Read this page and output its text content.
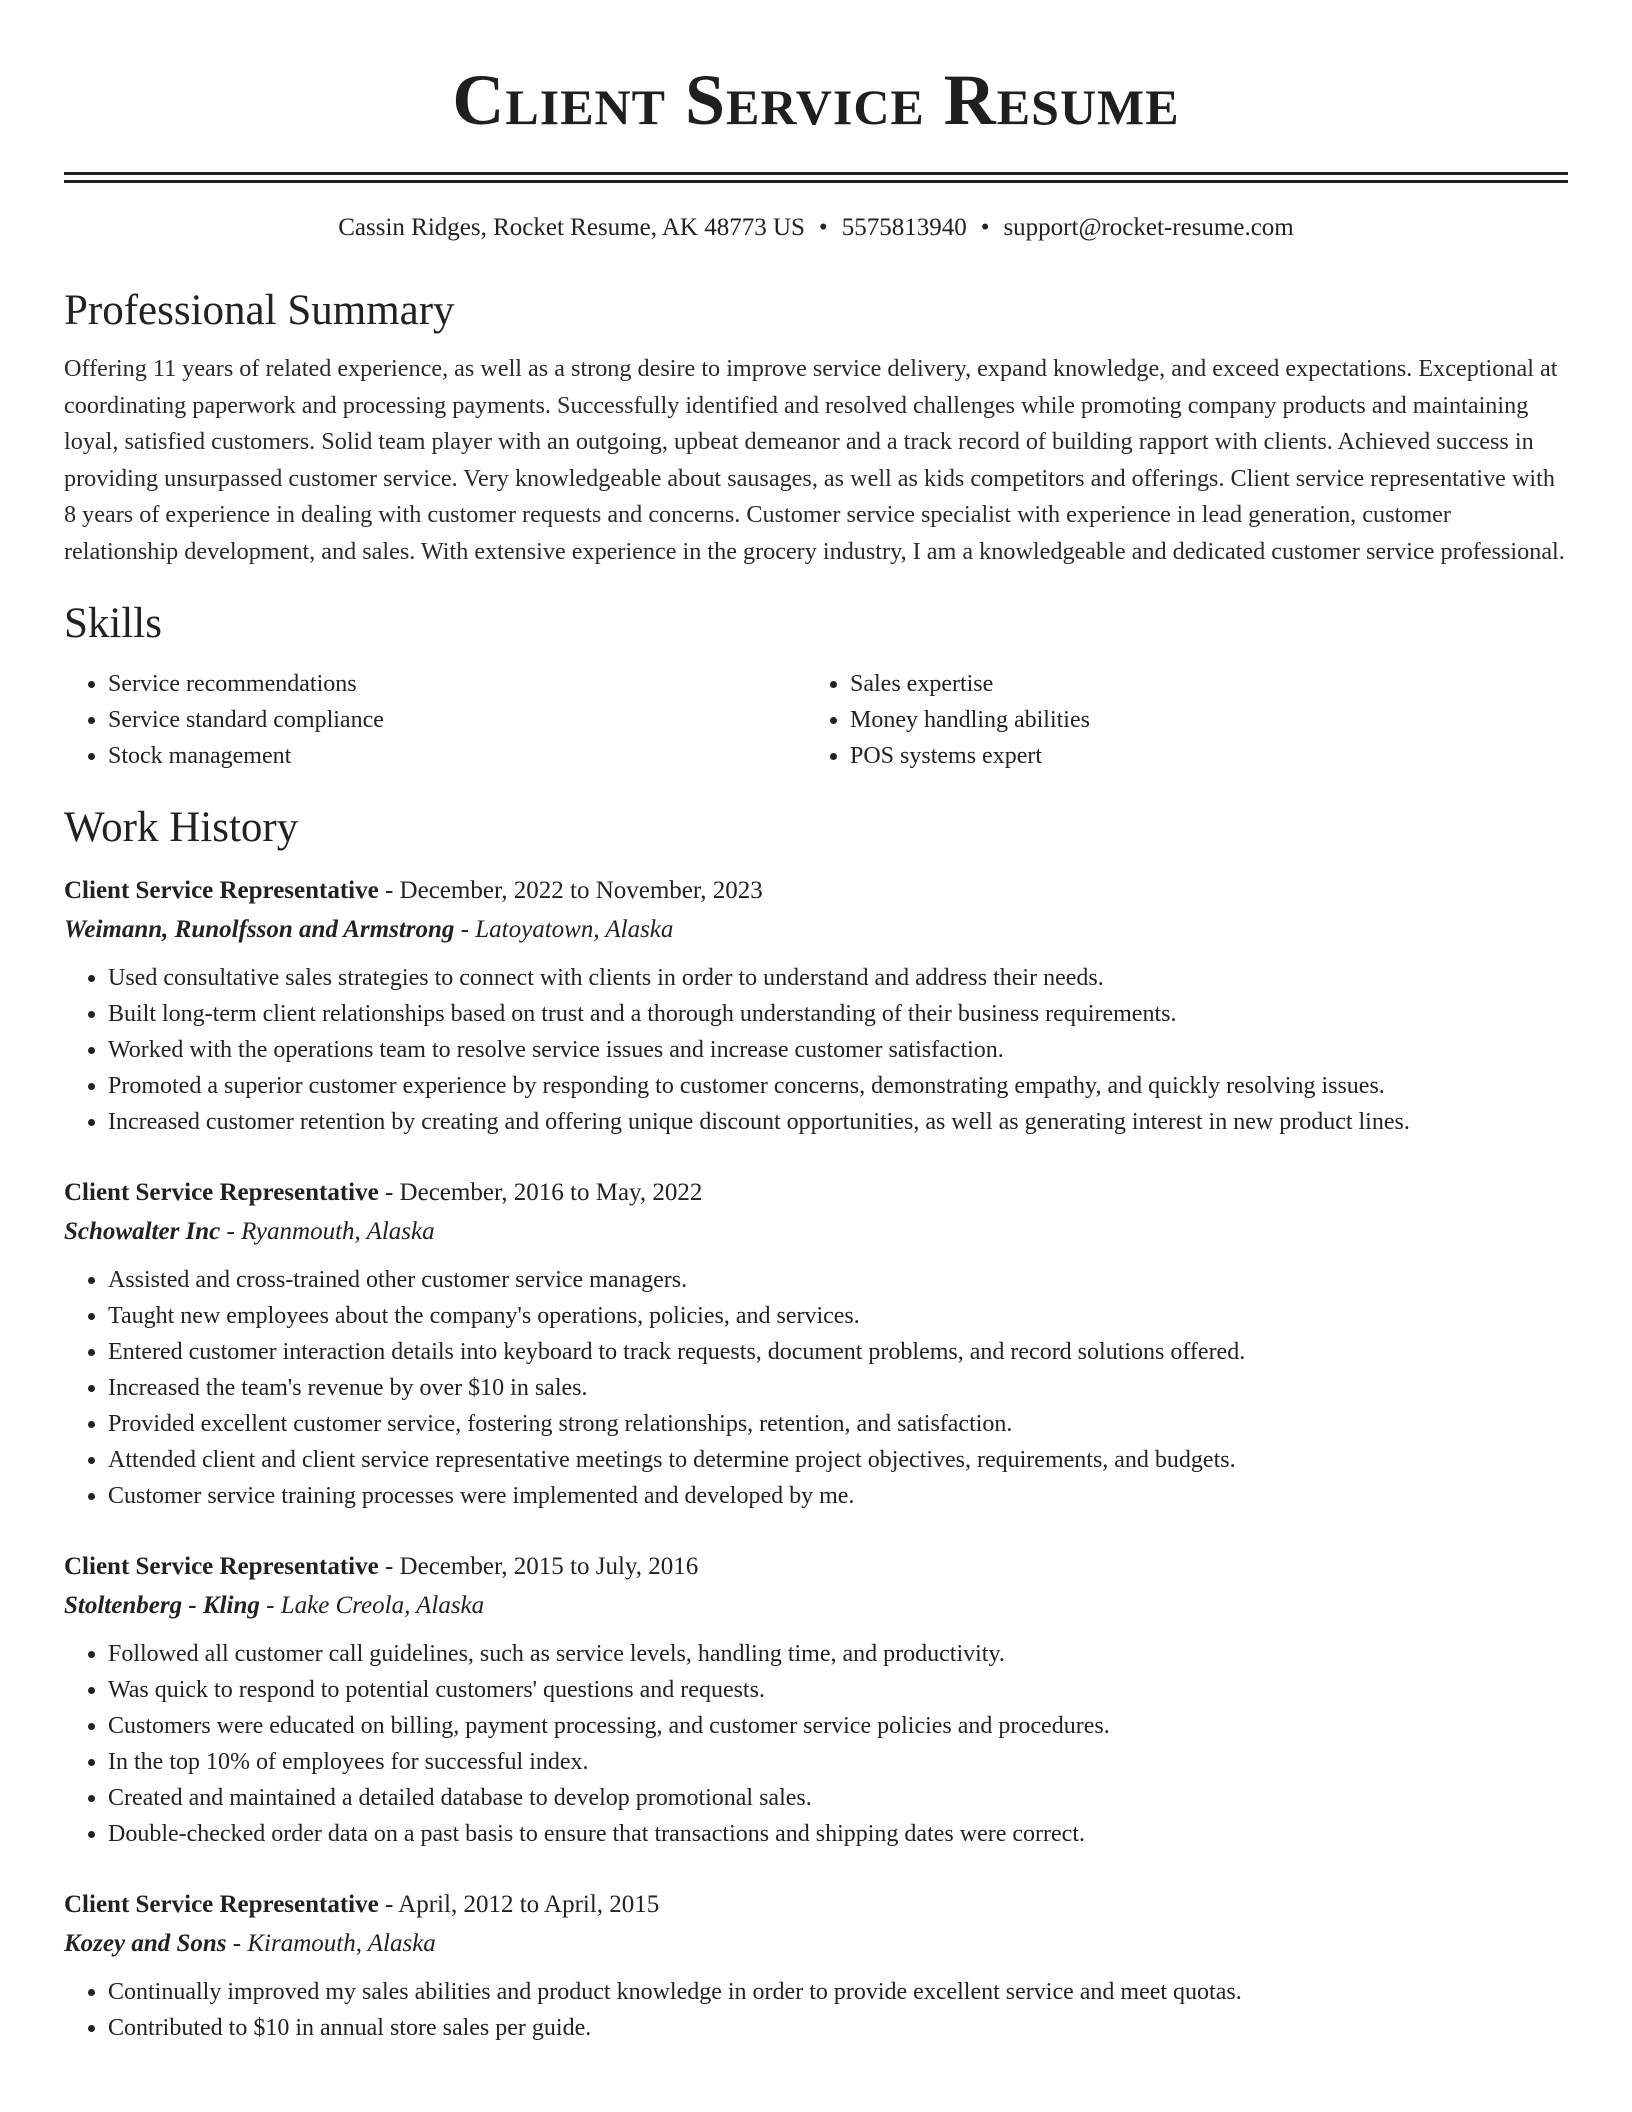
Client Service Resume
Cassin Ridges, Rocket Resume, AK 48773 US • 5575813940 • support@rocket-resume.com
Professional Summary
Offering 11 years of related experience, as well as a strong desire to improve service delivery, expand knowledge, and exceed expectations. Exceptional at coordinating paperwork and processing payments. Successfully identified and resolved challenges while promoting company products and maintaining loyal, satisfied customers. Solid team player with an outgoing, upbeat demeanor and a track record of building rapport with clients. Achieved success in providing unsurpassed customer service. Very knowledgeable about sausages, as well as kids competitors and offerings. Client service representative with 8 years of experience in dealing with customer requests and concerns. Customer service specialist with experience in lead generation, customer relationship development, and sales. With extensive experience in the grocery industry, I am a knowledgeable and dedicated customer service professional.
Skills
• Service recommendations
• Service standard compliance
• Stock management
• Sales expertise
• Money handling abilities
• POS systems expert
Work History
Client Service Representative - December, 2022 to November, 2023
Weimann, Runolfsson and Armstrong - Latoyatown, Alaska
• Used consultative sales strategies to connect with clients in order to understand and address their needs.
• Built long-term client relationships based on trust and a thorough understanding of their business requirements.
• Worked with the operations team to resolve service issues and increase customer satisfaction.
• Promoted a superior customer experience by responding to customer concerns, demonstrating empathy, and quickly resolving issues.
• Increased customer retention by creating and offering unique discount opportunities, as well as generating interest in new product lines.
Client Service Representative - December, 2016 to May, 2022
Schowalter Inc - Ryanmouth, Alaska
• Assisted and cross-trained other customer service managers.
• Taught new employees about the company's operations, policies, and services.
• Entered customer interaction details into keyboard to track requests, document problems, and record solutions offered.
• Increased the team's revenue by over $10 in sales.
• Provided excellent customer service, fostering strong relationships, retention, and satisfaction.
• Attended client and client service representative meetings to determine project objectives, requirements, and budgets.
• Customer service training processes were implemented and developed by me.
Client Service Representative - December, 2015 to July, 2016
Stoltenberg - Kling - Lake Creola, Alaska
• Followed all customer call guidelines, such as service levels, handling time, and productivity.
• Was quick to respond to potential customers' questions and requests.
• Customers were educated on billing, payment processing, and customer service policies and procedures.
• In the top 10% of employees for successful index.
• Created and maintained a detailed database to develop promotional sales.
• Double-checked order data on a past basis to ensure that transactions and shipping dates were correct.
Client Service Representative - April, 2012 to April, 2015
Kozey and Sons - Kiramouth, Alaska
• Continually improved my sales abilities and product knowledge in order to provide excellent service and meet quotas.
• Contributed to $10 in annual store sales per guide.
